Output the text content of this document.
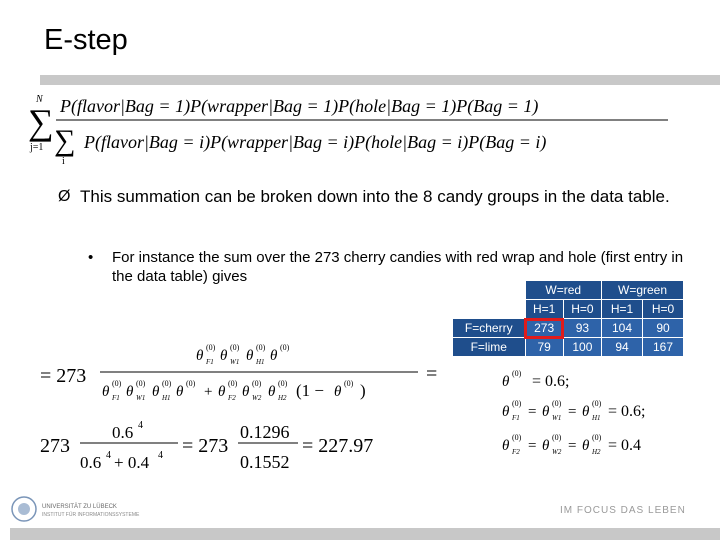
E-step
N
∑
j=1
P(flavor|Bag = 1)P(wrapper|Bag = 1)P(hole|Bag = 1)P(Bag = 1)
∑
i
P(flavor|Bag = i)P(wrapper|Bag = i)P(hole|Bag = i)P(Bag = i)
Ø This summation can be broken down into the 8 candy groups in the data table.
•	For instance the sum over the 273 cherry candies with red wrap and hole (first entry in the data table) gives
	W=red		W=green	
	H=1	H=0	H=1	H=0
F=cherry	273	93	104	90
F=lime	79	100	94	167
= 273
θ
(0)
F1 θ
(0)
W1 θ
(0)
H1 θ
(0)
θ
(0)
F1 θ
(0)
W1 θ
(0)
H1 θ
(0)
+ θ
(0)
F2 θ
(0)
W2 θ
(0)
H2 (1 − θ
(0) )
=
273
0.6 4
0.6 4 + 0.4 4 = 273
0.1296
0.1552
= 227.97
θ
(0) = 0.6;
θ
(0)
F1 = θ
(0)
W1 = θ
(0)
H1 = 0.6;
θ
(0)
F2 = θ
(0)
W2 = θ
(0)
H2 = 0.4
UNIVERSITÄT ZU LÜBECK
INSTITUT FÜR INFORMATIONSSYSTEME	IM FOCUS DAS LEBEN
